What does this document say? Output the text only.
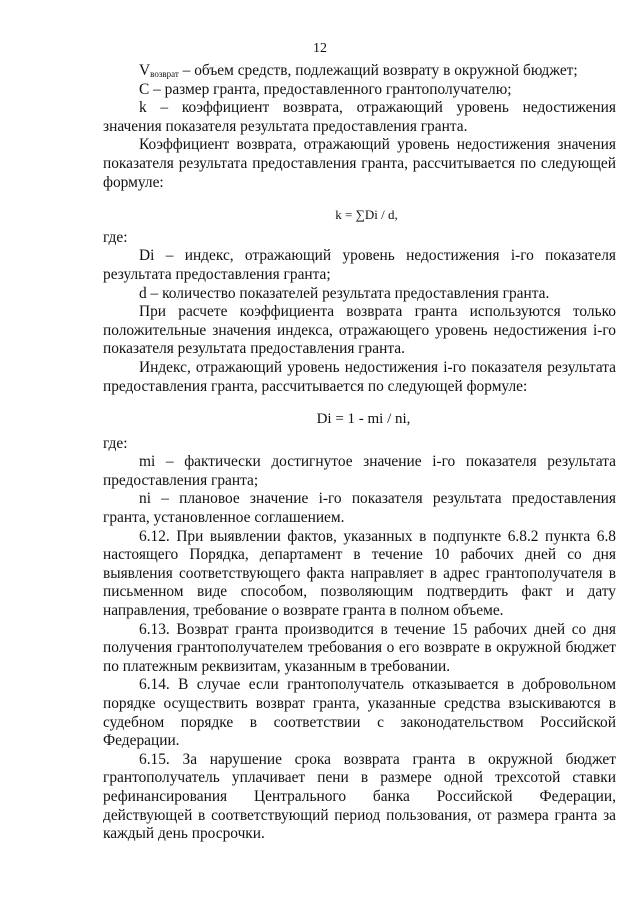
12

$V_{возврат}$ – объем средств, подлежащий возврату в окружной бюджет;

С – размер гранта, предоставленного грантополучателю;

k – коэффициент возврата, отражающий уровень недостижения значения показателя результата предоставления гранта.

Коэффициент возврата, отражающий уровень недостижения значения показателя результата предоставления гранта, рассчитывается по следующей формуле:

k = ∑Di / d,

где:

Di – индекс, отражающий уровень недостижения i-го показателя результата предоставления гранта;

d – количество показателей результата предоставления гранта.

При расчете коэффициента возврата гранта используются только положительные значения индекса, отражающего уровень недостижения i-го показателя результата предоставления гранта.

Индекс, отражающий уровень недостижения i-го показателя результата предоставления гранта, рассчитывается по следующей формуле:

Di = 1 - mi / ni,

где:

mi – фактически достигнутое значение i-го показателя результата предоставления гранта;

ni – плановое значение i-го показателя результата предоставления гранта, установленное соглашением.

6.12. При выявлении фактов, указанных в подпункте 6.8.2 пункта 6.8 настоящего Порядка, департамент в течение 10 рабочих дней со дня выявления соответствующего факта направляет в адрес грантополучателя в письменном виде способом, позволяющим подтвердить факт и дату направления, требование о возврате гранта в полном объеме.

6.13. Возврат гранта производится в течение 15 рабочих дней со дня получения грантополучателем требования о его возврате в окружной бюджет по платежным реквизитам, указанным в требовании.

6.14. В случае если грантополучатель отказывается в добровольном порядке осуществить возврат гранта, указанные средства взыскиваются в судебном порядке в соответствии с законодательством Российской Федерации.

6.15. За нарушение срока возврата гранта в окружной бюджет грантополучатель уплачивает пени в размере одной трехсотой ставки рефинансирования Центрального банка Российской Федерации, действующей в соответствующий период пользования, от размера гранта за каждый день просрочки.
